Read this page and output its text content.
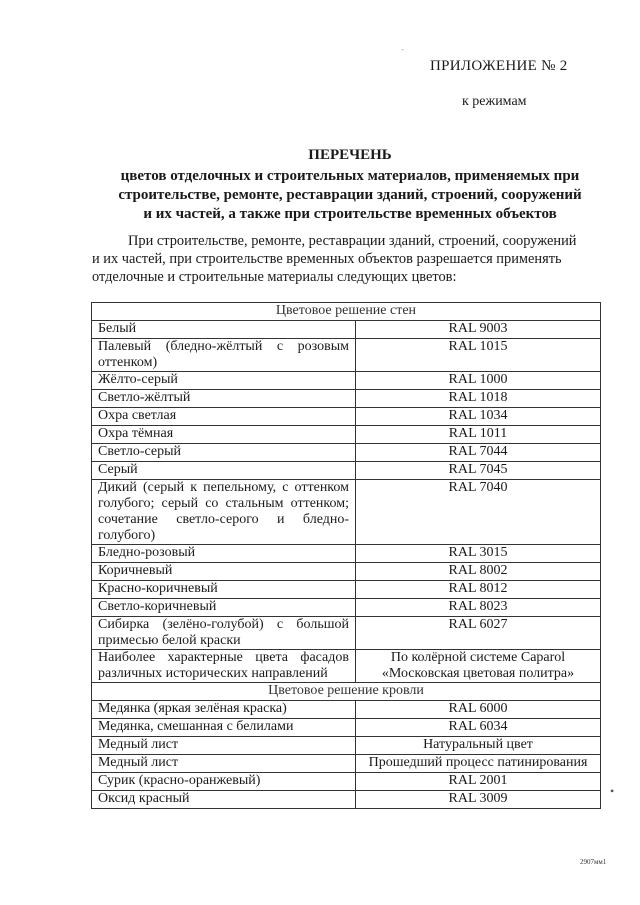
ПРИЛОЖЕНИЕ № 2
к режимам
ПЕРЕЧЕНЬ
цветов отделочных и строительных материалов, применяемых при
строительстве, ремонте, реставрации зданий, строений, сооружений
и их частей, а также при строительстве временных объектов
При строительстве, ремонте, реставрации зданий, строений, сооружений
и их частей, при строительстве временных объектов разрешается применять
отделочные и строительные материалы следующих цветов:
Цветовое решение стен	
Белый	RAL 9003
Палевый (бледно-жёлтый с розовым оттенком)	RAL 1015
Жёлто-серый	RAL 1000
Светло-жёлтый	RAL 1018
Охра светлая	RAL 1034
Охра тёмная	RAL 1011
Светло-серый	RAL 7044
Серый	RAL 7045
Дикий (серый к пепельному, с оттенком голубого; серый со стальным оттенком; сочетание светло-серого и бледно-голубого)	RAL 7040
Бледно-розовый	RAL 3015
Коричневый	RAL 8002
Красно-коричневый	RAL 8012
Светло-коричневый	RAL 8023
Сибирка (зелёно-голубой) с большой примесью белой краски	RAL 6027
Наиболее характерные цвета фасадов различных исторических направлений	По колёрной системе Caparol «Московская цветовая политра»
Цветовое решение кровли	
Медянка (яркая зелёная краска)	RAL 6000
Медянка, смешанная с белилами	RAL 6034
Медный лист	Натуральный цвет
Медный лист	Прошедший процесс патинирования
Сурик (красно-оранжевый)	RAL 2001
Оксид красный	RAL 3009
2907мм1
ˎ
•
